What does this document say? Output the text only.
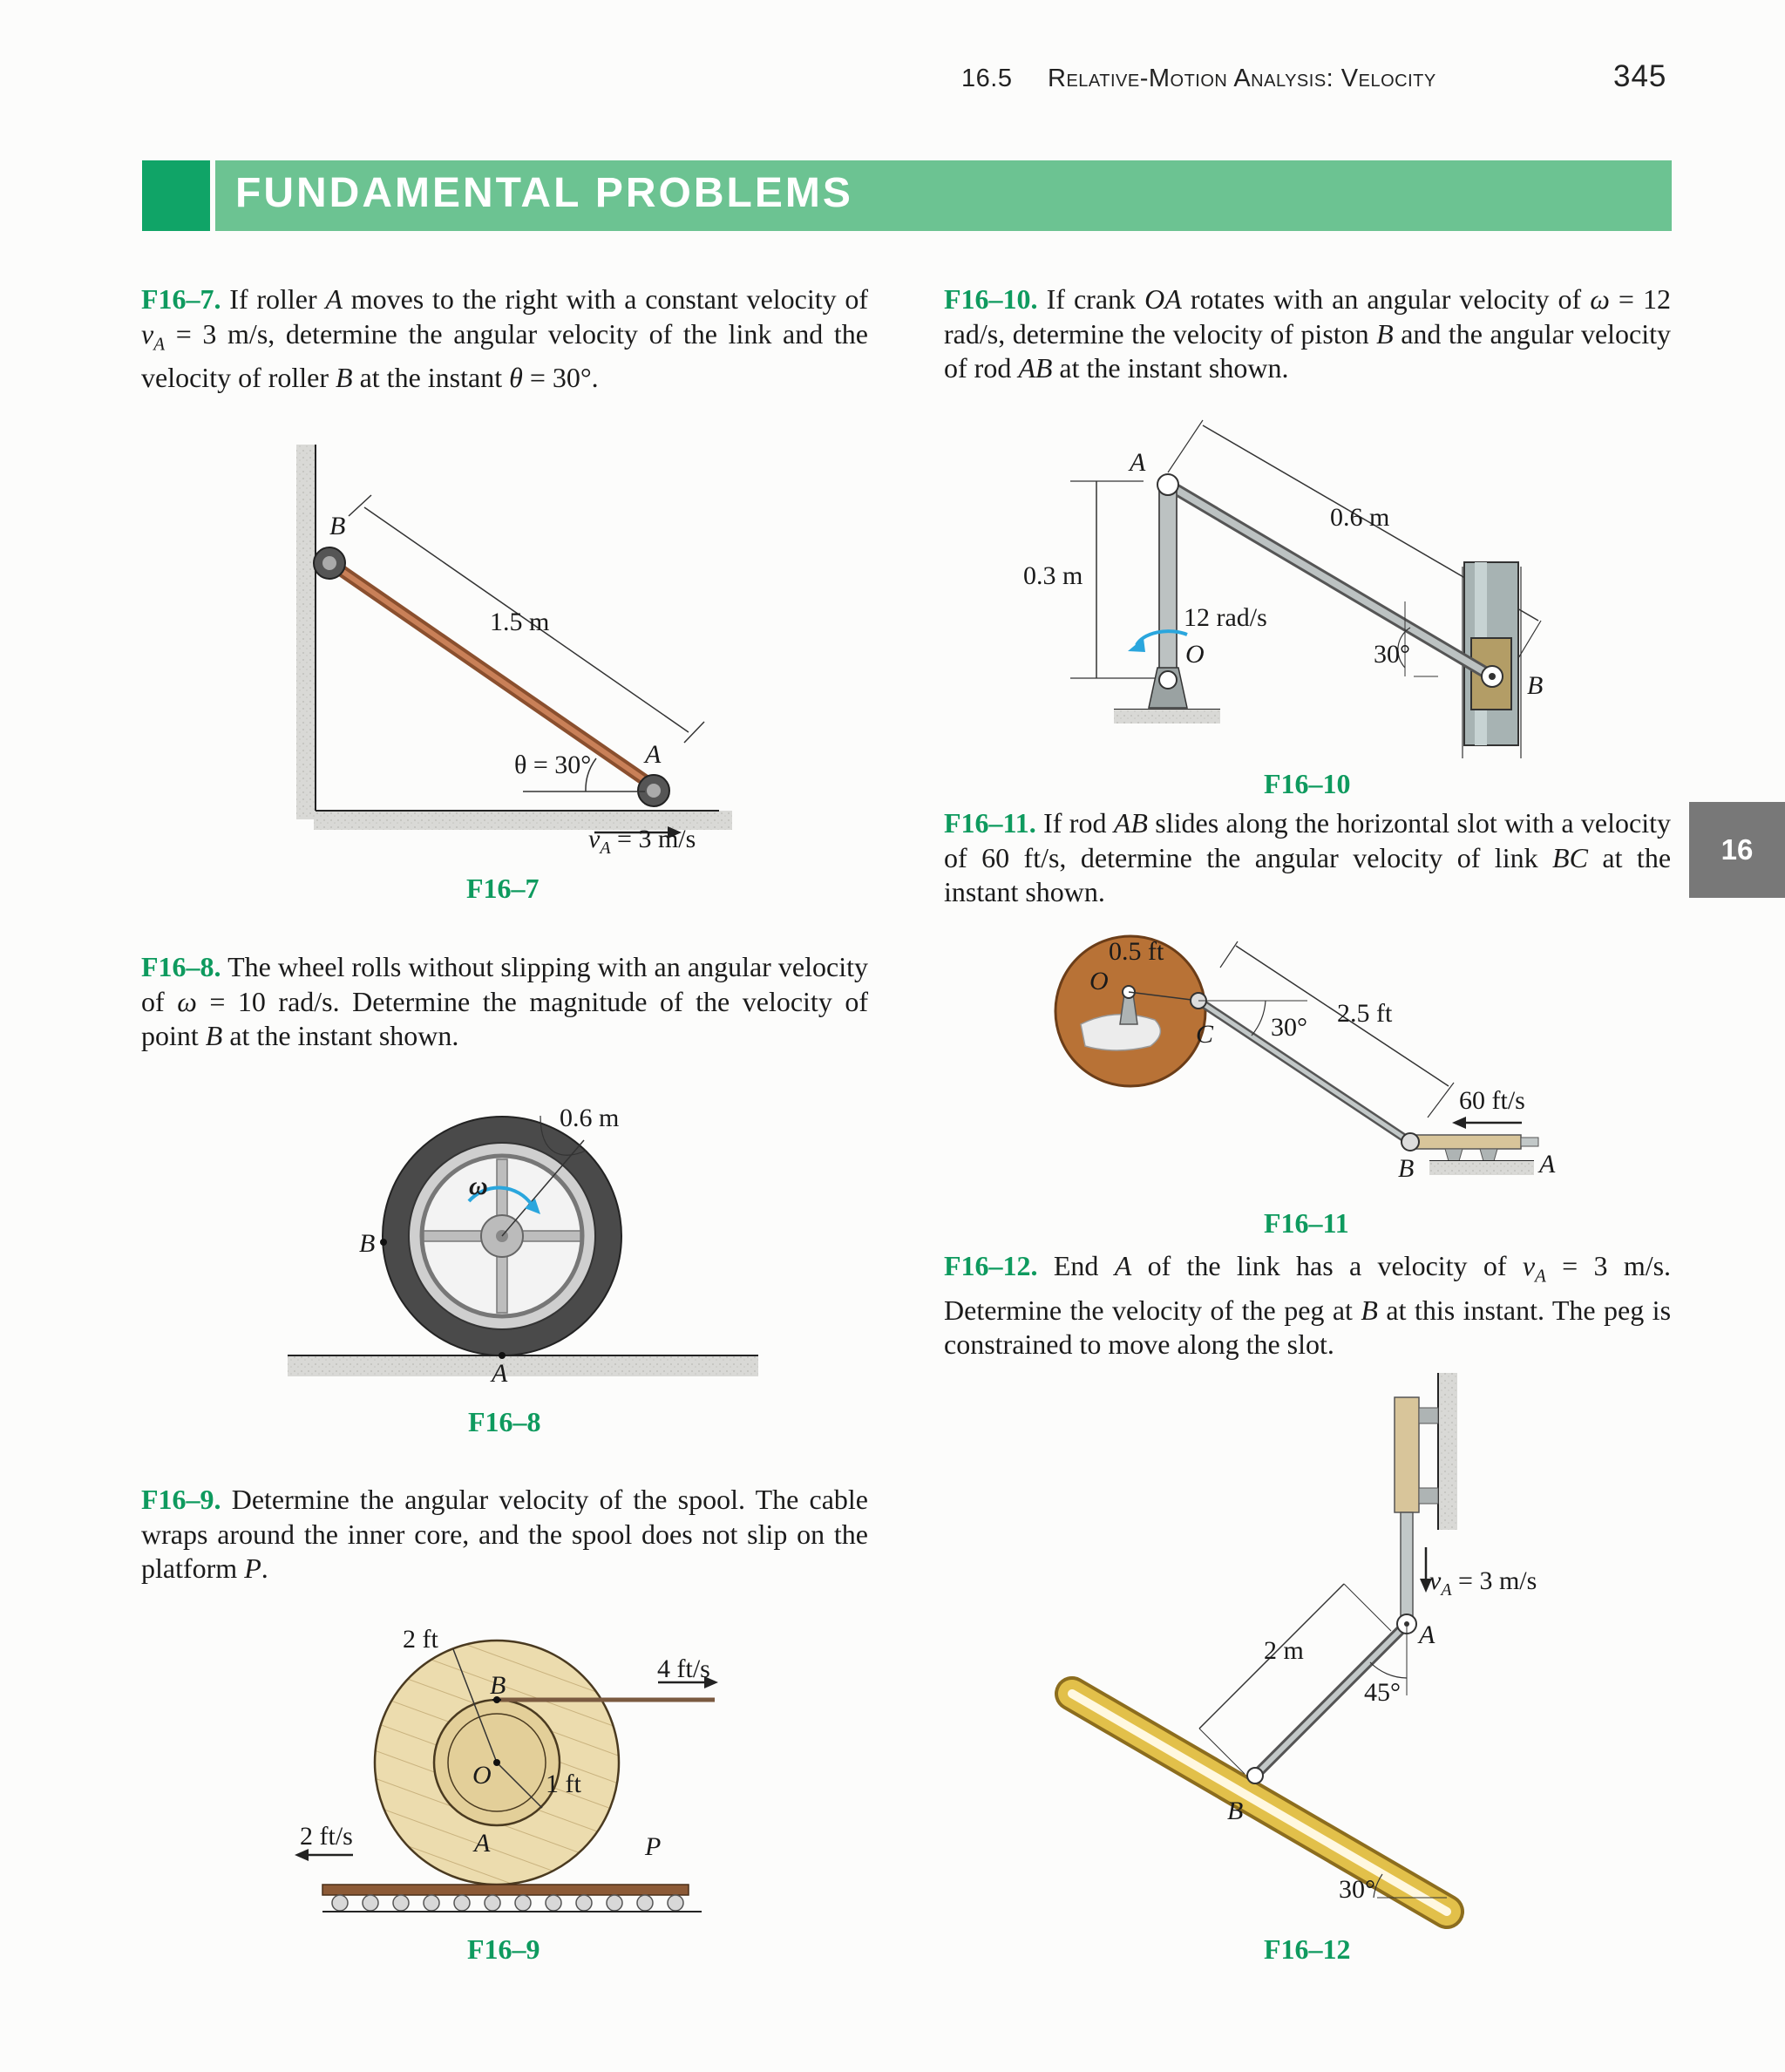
16.5 Relative-Motion Analysis: Velocity	345
FUNDAMENTAL PROBLEMS
16
F16–7. If roller A moves to the right with a constant velocity of $v_A = 3$ m/s, determine the angular velocity of the link and the velocity of roller B at the instant θ = 30°.
F16–8. The wheel rolls without slipping with an angular velocity of ω = 10 rad/s. Determine the magnitude of the velocity of point B at the instant shown.
F16–9. Determine the angular velocity of the spool. The cable wraps around the inner core, and the spool does not slip on the platform P.
F16–10. If crank OA rotates with an angular velocity of ω = 12 rad/s, determine the velocity of piston B and the angular velocity of rod AB at the instant shown.
F16–11. If rod AB slides along the horizontal slot with a velocity of 60 ft/s, determine the angular velocity of link BC at the instant shown.
F16–12. End A of the link has a velocity of $v_A = 3$ m/s. Determine the velocity of the peg at B at this instant. The peg is constrained to move along the slot.
B
1.5 m
θ = 30° A
$v_A = 3$ m/s
F16–7
0.6 m
ω
B
A
F16–8
2 ft
B
4 ft/s
O 1 ft
A	P
2 ft/s
F16–9
A
0.6 m
0.3 m
12 rad/s
O	30°
B
F16–10
0.5 ft
O
C 30° 2.5 ft
60 ft/s
B	A
F16–11
$v_A = 3$ m/s
A
2 m
45°
B
30°
F16–12
